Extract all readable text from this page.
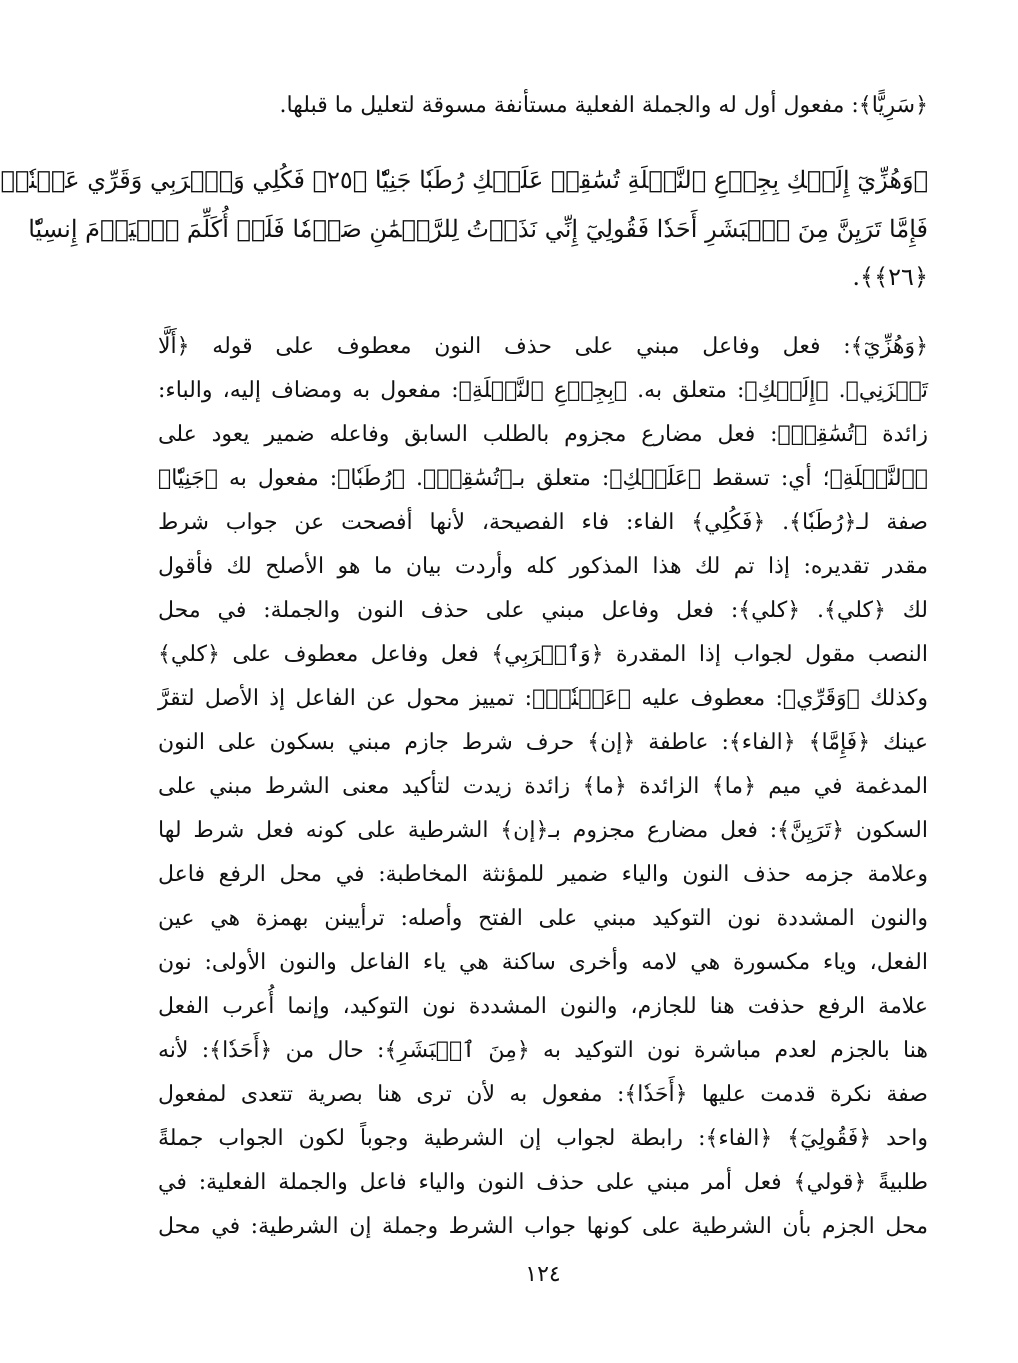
﴿سَرِيًّا﴾: مفعول أول له والجملة الفعلية مستأنفة مسوقة لتعليل ما قبلها.
﴿وَهُزِّيٓ إِلَيۡكِ بِجِذۡعِ ٱلنَّخۡلَةِ تُسَٰقِطۡ عَلَيۡكِ رُطَبٗا جَنِيّٗا ﴿٢٥﴾ فَكُلِي وَٱشۡرَبِي وَقَرِّي عَيۡنٗاۖ
فَإِمَّا تَرَيِنَّ مِنَ ٱلۡبَشَرِ أَحَدٗا فَقُولِيٓ إِنِّي نَذَرۡتُ لِلرَّحۡمَٰنِ صَوۡمٗا فَلَنۡ أُكَلِّمَ ٱلۡيَوۡمَ إِنسِيّٗا
﴿٢٦﴾﴾.
﴿وَهُزِّيٓ﴾: فعل وفاعل مبني على حذف النون معطوف على قوله ﴿أَلَّا
تَحۡزَنِي﴾. ﴿إِلَيۡكِ﴾: متعلق به. ﴿بِجِذۡعِ ٱلنَّخۡلَةِ﴾: مفعول به ومضاف إليه، والباء:
زائدة ﴿تُسَٰقِطۡ﴾: فعل مضارع مجزوم بالطلب السابق وفاعله ضمير يعود على
﴿ٱلنَّخۡلَةِ﴾؛ أي: تسقط ﴿عَلَيۡكِ﴾: متعلق بـ﴿تُسَٰقِطۡ﴾. ﴿رُطَبٗا﴾: مفعول به ﴿جَنِيّٗا﴾
صفة لـ﴿رُطَبٗا﴾. ﴿فَكُلِي﴾ الفاء: فاء الفصيحة، لأنها أفصحت عن جواب شرط
مقدر تقديره: إذا تم لك هذا المذكور كله وأردت بيان ما هو الأصلح لك فأقول
لك ﴿كلي﴾. ﴿كلي﴾: فعل وفاعل مبني على حذف النون والجملة: في محل
النصب مقول لجواب إذا المقدرة ﴿وَٱشۡرَبِي﴾ فعل وفاعل معطوف على ﴿كلي﴾
وكذلك ﴿وَقَرِّي﴾: معطوف عليه ﴿عَيۡنٗاۖ﴾: تمييز محول عن الفاعل إذ الأصل لتقرَّ
عينك ﴿فَإِمَّا﴾ ﴿الفاء﴾: عاطفة ﴿إن﴾ حرف شرط جازم مبني بسكون على النون
المدغمة في ميم ﴿ما﴾ الزائدة ﴿ما﴾ زائدة زيدت لتأكيد معنى الشرط مبني على
السكون ﴿تَرَيِنَّ﴾: فعل مضارع مجزوم بـ﴿إن﴾ الشرطية على كونه فعل شرط لها
وعلامة جزمه حذف النون والياء ضمير للمؤنثة المخاطبة: في محل الرفع فاعل
والنون المشددة نون التوكيد مبني على الفتح وأصله: ترأيينن بهمزة هي عين
الفعل، وياء مكسورة هي لامه وأخرى ساكنة هي ياء الفاعل والنون الأولى: نون
علامة الرفع حذفت هنا للجازم، والنون المشددة نون التوكيد، وإنما أُعرب الفعل
هنا بالجزم لعدم مباشرة نون التوكيد به ﴿مِنَ ٱلۡبَشَرِ﴾: حال من ﴿أَحَدٗا﴾: لأنه
صفة نكرة قدمت عليها ﴿أَحَدٗا﴾: مفعول به لأن ترى هنا بصرية تتعدى لمفعول
واحد ﴿فَقُولِيٓ﴾ ﴿الفاء﴾: رابطة لجواب إن الشرطية وجوباً لكون الجواب جملةً
طلبيةً ﴿قولي﴾ فعل أمر مبني على حذف النون والياء فاعل والجملة الفعلية: في
محل الجزم بأن الشرطية على كونها جواب الشرط وجملة إن الشرطية: في محل
١٢٤
